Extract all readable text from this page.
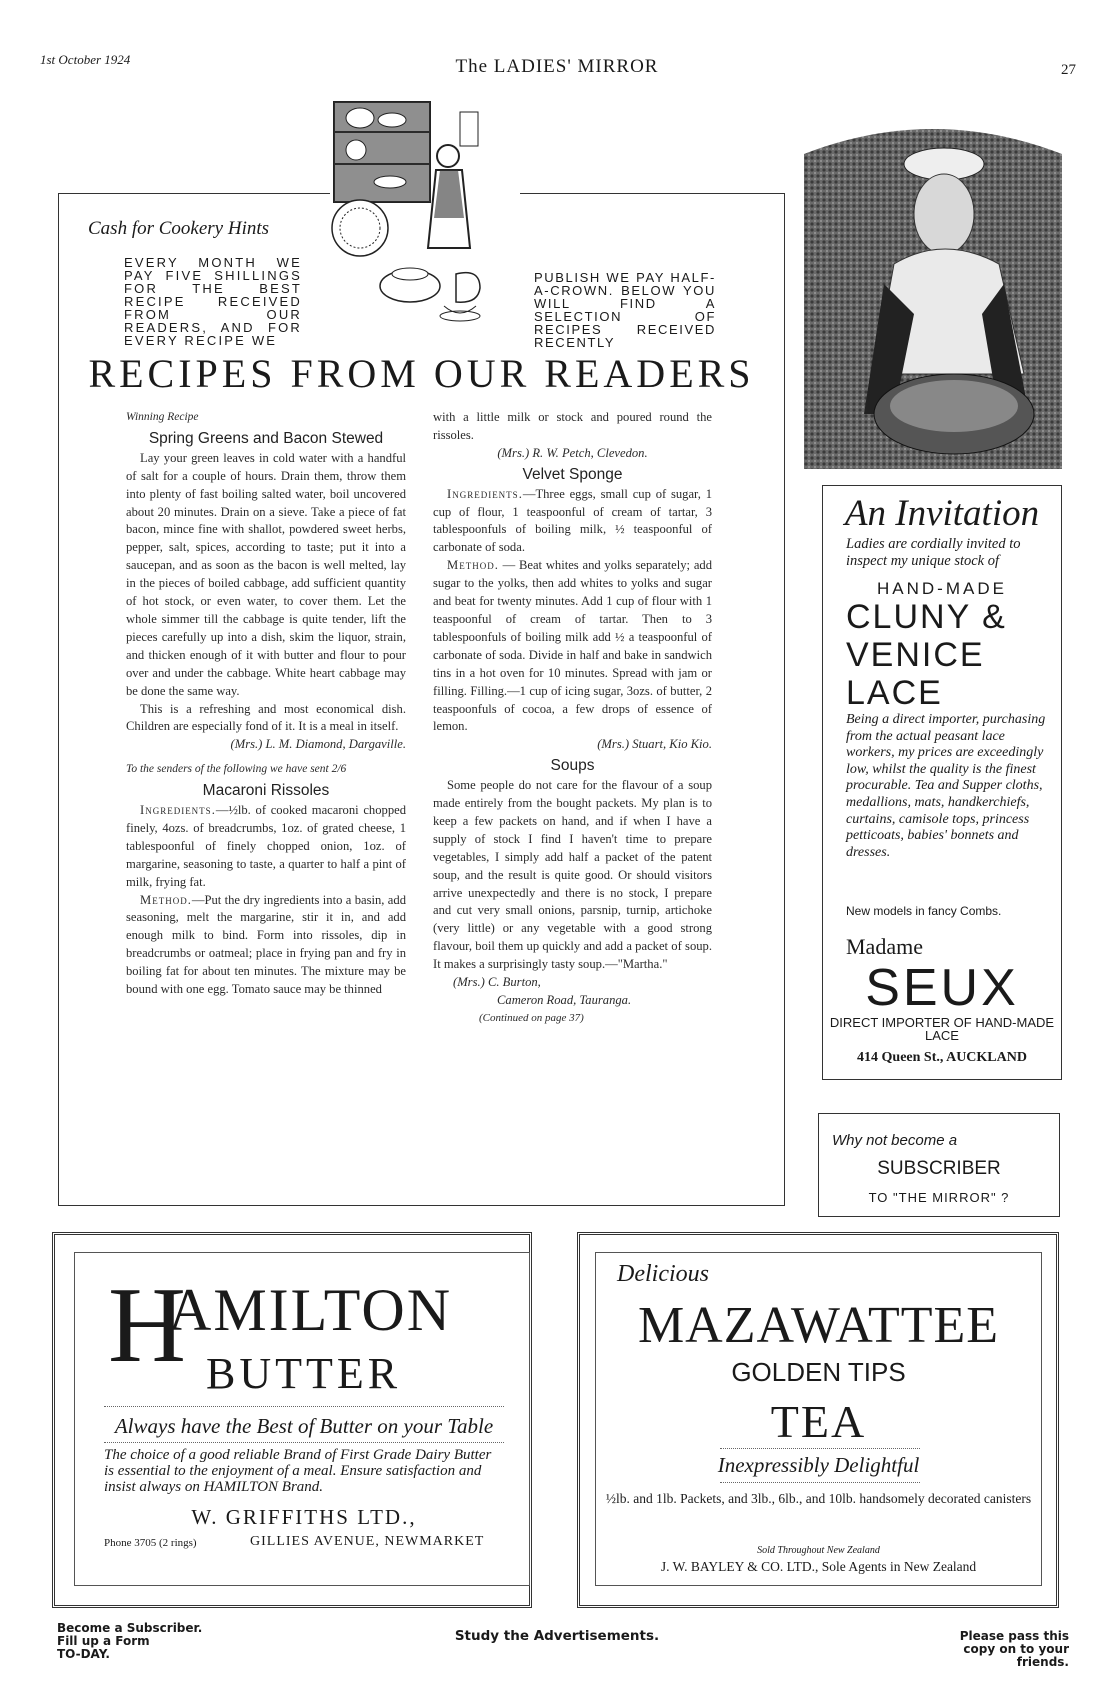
1st October 1924	The LADIES' MIRROR	27
Cash for Cookery Hints
EVERY MONTH WE PAY FIVE SHILLINGS FOR THE BEST RECIPE RECEIVED FROM OUR READERS, AND FOR EVERY RECIPE WE
PUBLISH WE PAY HALF-A-CROWN. BELOW YOU WILL FIND A SELECTION OF RECIPES RECEIVED RECENTLY
RECIPES FROM OUR READERS

Winning Recipe

Spring Greens and Bacon Stewed

Lay your green leaves in cold water with a handful of salt for a couple of hours. Drain them, throw them into plenty of fast boiling salted water, boil uncovered about 20 minutes. Drain on a sieve. Take a piece of fat bacon, mince fine with shallot, powdered sweet herbs, pepper, salt, spices, according to taste; put it into a saucepan, and as soon as the bacon is well melted, lay in the pieces of boiled cabbage, add sufficient quantity of hot stock, or even water, to cover them. Let the whole simmer till the cabbage is quite tender, lift the pieces carefully up into a dish, skim the liquor, strain, and thicken enough of it with butter and flour to pour over and under the cabbage. White heart cabbage may be done the same way.

This is a refreshing and most economical dish. Children are especially fond of it. It is a meal in itself.

(Mrs.) L. M. Diamond, Dargaville.

To the senders of the following we have sent 2/6

Macaroni Rissoles

Ingredients.—½lb. of cooked macaroni chopped finely, 4ozs. of breadcrumbs, 1oz. of grated cheese, 1 tablespoonful of finely chopped onion, 1oz. of margarine, seasoning to taste, a quarter to half a pint of milk, frying fat.

Method.—Put the dry ingredients into a basin, add seasoning, melt the margarine, stir it in, and add enough milk to bind. Form into rissoles, dip in breadcrumbs or oatmeal; place in frying pan and fry in boiling fat for about ten minutes. The mixture may be bound with one egg. Tomato sauce may be thinned

with a little milk or stock and poured round the rissoles.

(Mrs.) R. W. Petch, Clevedon.

Velvet Sponge

Ingredients.—Three eggs, small cup of sugar, 1 cup of flour, 1 teaspoonful of cream of tartar, 3 tablespoonfuls of boiling milk, ½ teaspoonful of carbonate of soda.

Method. — Beat whites and yolks separately; add sugar to the yolks, then add whites to yolks and sugar and beat for twenty minutes. Add 1 cup of flour with 1 teaspoonful of cream of tartar. Then to 3 tablespoonfuls of boiling milk add ½ a teaspoonful of carbonate of soda. Divide in half and bake in sandwich tins in a hot oven for 10 minutes. Spread with jam or filling. Filling.—1 cup of icing sugar, 3ozs. of butter, 2 teaspoonfuls of cocoa, a few drops of essence of lemon.

(Mrs.) Stuart, Kio Kio.

Soups

Some people do not care for the flavour of a soup made entirely from the bought packets. My plan is to keep a few packets on hand, and if when I have a supply of stock I find I haven't time to prepare vegetables, I simply add half a packet of the patent soup, and the result is quite good. Or should visitors arrive unexpectedly and there is no stock, I prepare and cut very small onions, parsnip, turnip, artichoke (very little) or any vegetable with a good strong flavour, boil them up quickly and add a packet of soup. It makes a surprisingly tasty soup.—"Martha."

(Mrs.) C. Burton,

Cameron Road, Tauranga.

(Continued on page 37)

An Invitation
Ladies are cordially invited to inspect my unique stock of
HAND-MADE
CLUNY & VENICE LACE
Being a direct importer, purchasing from the actual peasant lace workers, my prices are exceedingly low, whilst the quality is the finest procurable. Tea and Supper cloths, medallions, mats, handkerchiefs, curtains, camisole tops, princess petticoats, babies' bonnets and dresses.
New models in fancy Combs.
Madame
SEUX
DIRECT IMPORTER OF HAND-MADE LACE
414 Queen St., AUCKLAND
Why not become a
SUBSCRIBER
TO "THE MIRROR" ?
H
AMILTON
BUTTER
Always have the Best of Butter on your Table
The choice of a good reliable Brand of First Grade Dairy Butter is essential to the enjoyment of a meal. Ensure satisfaction and insist always on HAMILTON Brand.
W. GRIFFITHS LTD.,
Phone 3705 (2 rings)	GILLIES AVENUE, NEWMARKET
Delicious
MAZAWATTEE
GOLDEN TIPS
TEA
Inexpressibly Delightful
½lb. and 1lb. Packets, and 3lb., 6lb., and 10lb. handsomely decorated canisters
Sold Throughout New Zealand
J. W. BAYLEY & CO. LTD., Sole Agents in New Zealand
Become a Subscriber.
Fill up a Form
TO-DAY.
Study the Advertisements.	Please pass this
copy on to your
friends.
